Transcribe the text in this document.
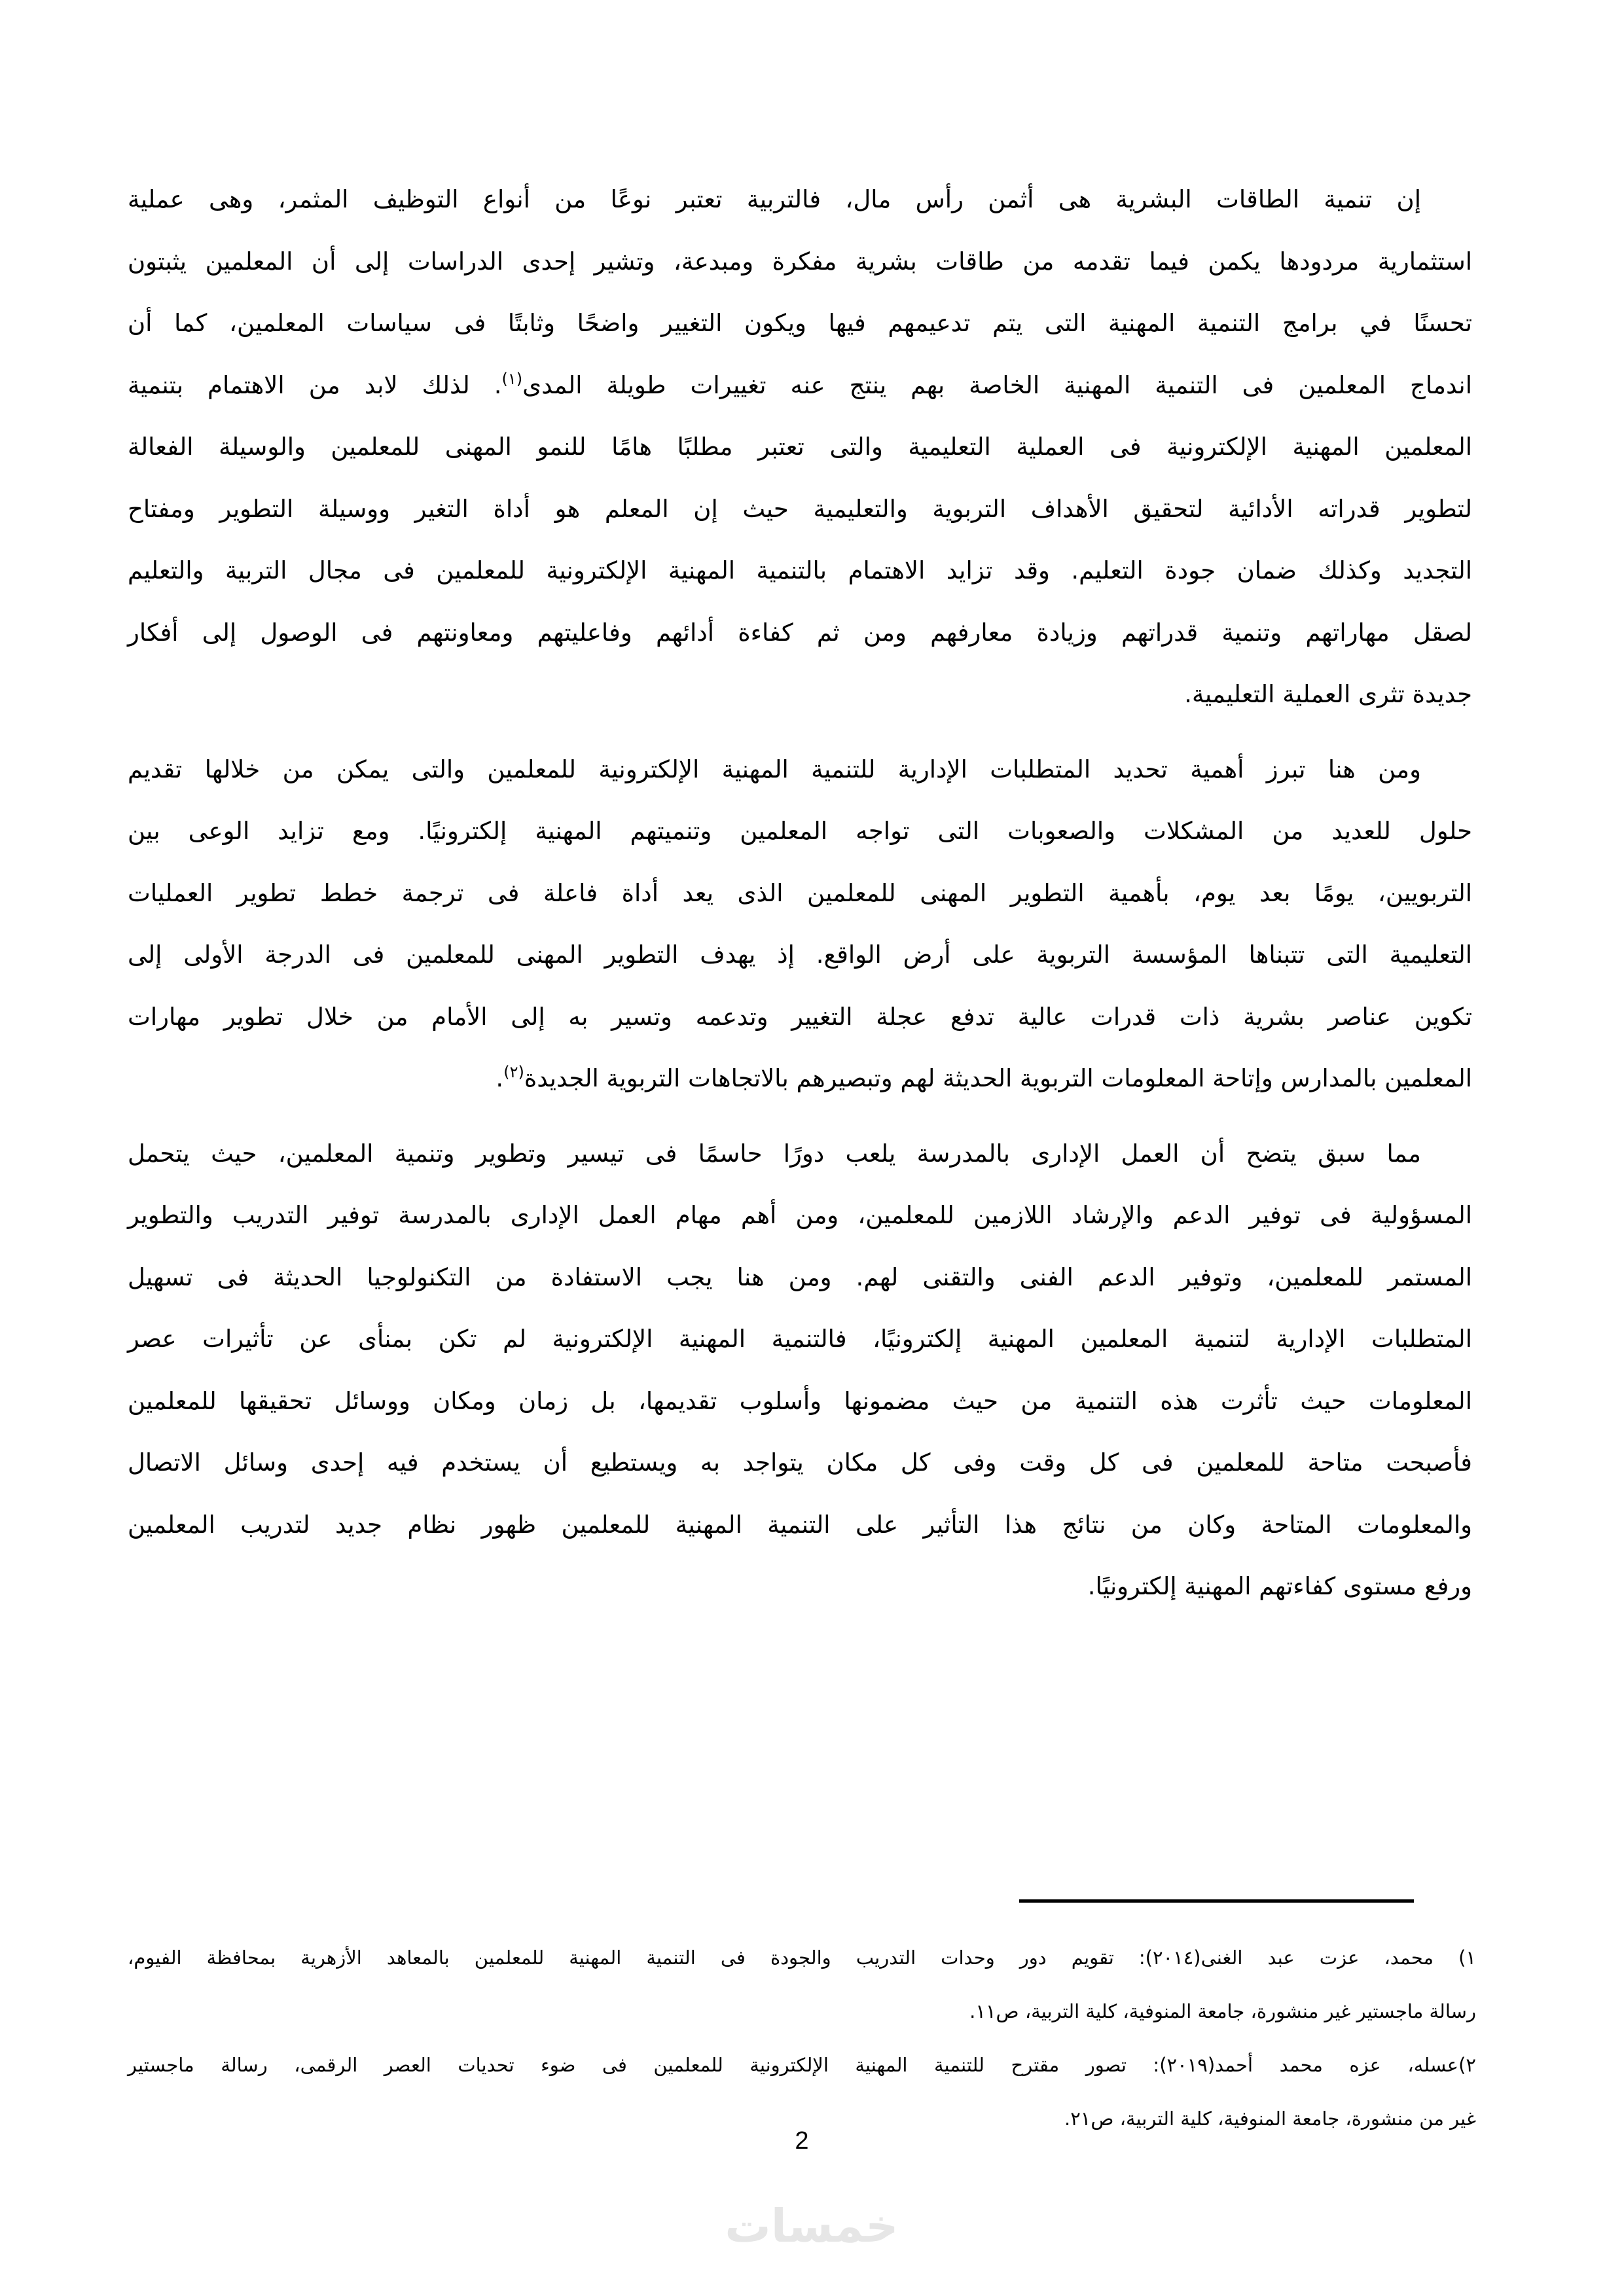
إن تنمية الطاقات البشرية هى أثمن رأس مال، فالتربية تعتبر نوعًا من أنواع التوظيف المثمر، وهى عملية
استثمارية مردودها يكمن فيما تقدمه من طاقات بشرية مفكرة ومبدعة، وتشير إحدى الدراسات إلى أن المعلمين يثبتون
تحسنًا في برامج التنمية المهنية التى يتم تدعيمهم فيها ويكون التغيير واضحًا وثابتًا فى سياسات المعلمين، كما أن
اندماج المعلمين فى التنمية المهنية الخاصة بهم ينتج عنه تغييرات طويلة المدى$^{(١)}$. لذلك لابد من الاهتمام بتنمية
المعلمين المهنية الإلكترونية فى العملية التعليمية والتى تعتبر مطلبًا هامًا للنمو المهنى للمعلمين والوسيلة الفعالة
لتطوير قدراته الأدائية لتحقيق الأهداف التربوية والتعليمية حيث إن المعلم هو أداة التغير ووسيلة التطوير ومفتاح
التجديد وكذلك ضمان جودة التعليم. وقد تزايد الاهتمام بالتنمية المهنية الإلكترونية للمعلمين فى مجال التربية والتعليم
لصقل مهاراتهم وتنمية قدراتهم وزيادة معارفهم ومن ثم كفاءة أدائهم وفاعليتهم ومعاونتهم فى الوصول إلى أفكار
جديدة تثرى العملية التعليمية.

ومن هنا تبرز أهمية تحديد المتطلبات الإدارية للتنمية المهنية الإلكترونية للمعلمين والتى يمكن من خلالها تقديم
حلول للعديد من المشكلات والصعوبات التى تواجه المعلمين وتنميتهم المهنية إلكترونيًا. ومع تزايد الوعى بين
التربويين، يومًا بعد يوم، بأهمية التطوير المهنى للمعلمين الذى يعد أداة فاعلة فى ترجمة خطط تطوير العمليات
التعليمية التى تتبناها المؤسسة التربوية على أرض الواقع. إذ يهدف التطوير المهنى للمعلمين فى الدرجة الأولى إلى
تكوين عناصر بشرية ذات قدرات عالية تدفع عجلة التغيير وتدعمه وتسير به إلى الأمام من خلال تطوير مهارات
المعلمين بالمدارس وإتاحة المعلومات التربوية الحديثة لهم وتبصيرهم بالاتجاهات التربوية الجديدة$^{(٢)}$.

مما سبق يتضح أن العمل الإدارى بالمدرسة يلعب دورًا حاسمًا فى تيسير وتطوير وتنمية المعلمين، حيث يتحمل
المسؤولية فى توفير الدعم والإرشاد اللازمين للمعلمين، ومن أهم مهام العمل الإدارى بالمدرسة توفير التدريب والتطوير
المستمر للمعلمين، وتوفير الدعم الفنى والتقنى لهم. ومن هنا يجب الاستفادة من التكنولوجيا الحديثة فى تسهيل
المتطلبات الإدارية لتنمية المعلمين المهنية إلكترونيًا، فالتنمية المهنية الإلكترونية لم تكن بمنأى عن تأثيرات عصر
المعلومات حيث تأثرت هذه التنمية من حيث مضمونها وأسلوب تقديمها، بل زمان ومكان ووسائل تحقيقها للمعلمين
فأصبحت متاحة للمعلمين فى كل وقت وفى كل مكان يتواجد به ويستطيع أن يستخدم فيه إحدى وسائل الاتصال
والمعلومات المتاحة وكان من نتائج هذا التأثير على التنمية المهنية للمعلمين ظهور نظام جديد لتدريب المعلمين
ورفع مستوى كفاءتهم المهنية إلكترونيًا.

١) محمد، عزت عبد الغنى(٢٠١٤): تقويم دور وحدات التدريب والجودة فى التنمية المهنية للمعلمين بالمعاهد الأزهرية بمحافظة الفيوم،
رسالة ماجستير غير منشورة، جامعة المنوفية، كلية التربية، ص١١.
٢)عسله، عزه محمد أحمد(٢٠١٩): تصور مقترح للتنمية المهنية الإلكترونية للمعلمين فى ضوء تحديات العصر الرقمى، رسالة ماجستير
غير من منشورة، جامعة المنوفية، كلية التربية، ص٢١.
2
خمسات
